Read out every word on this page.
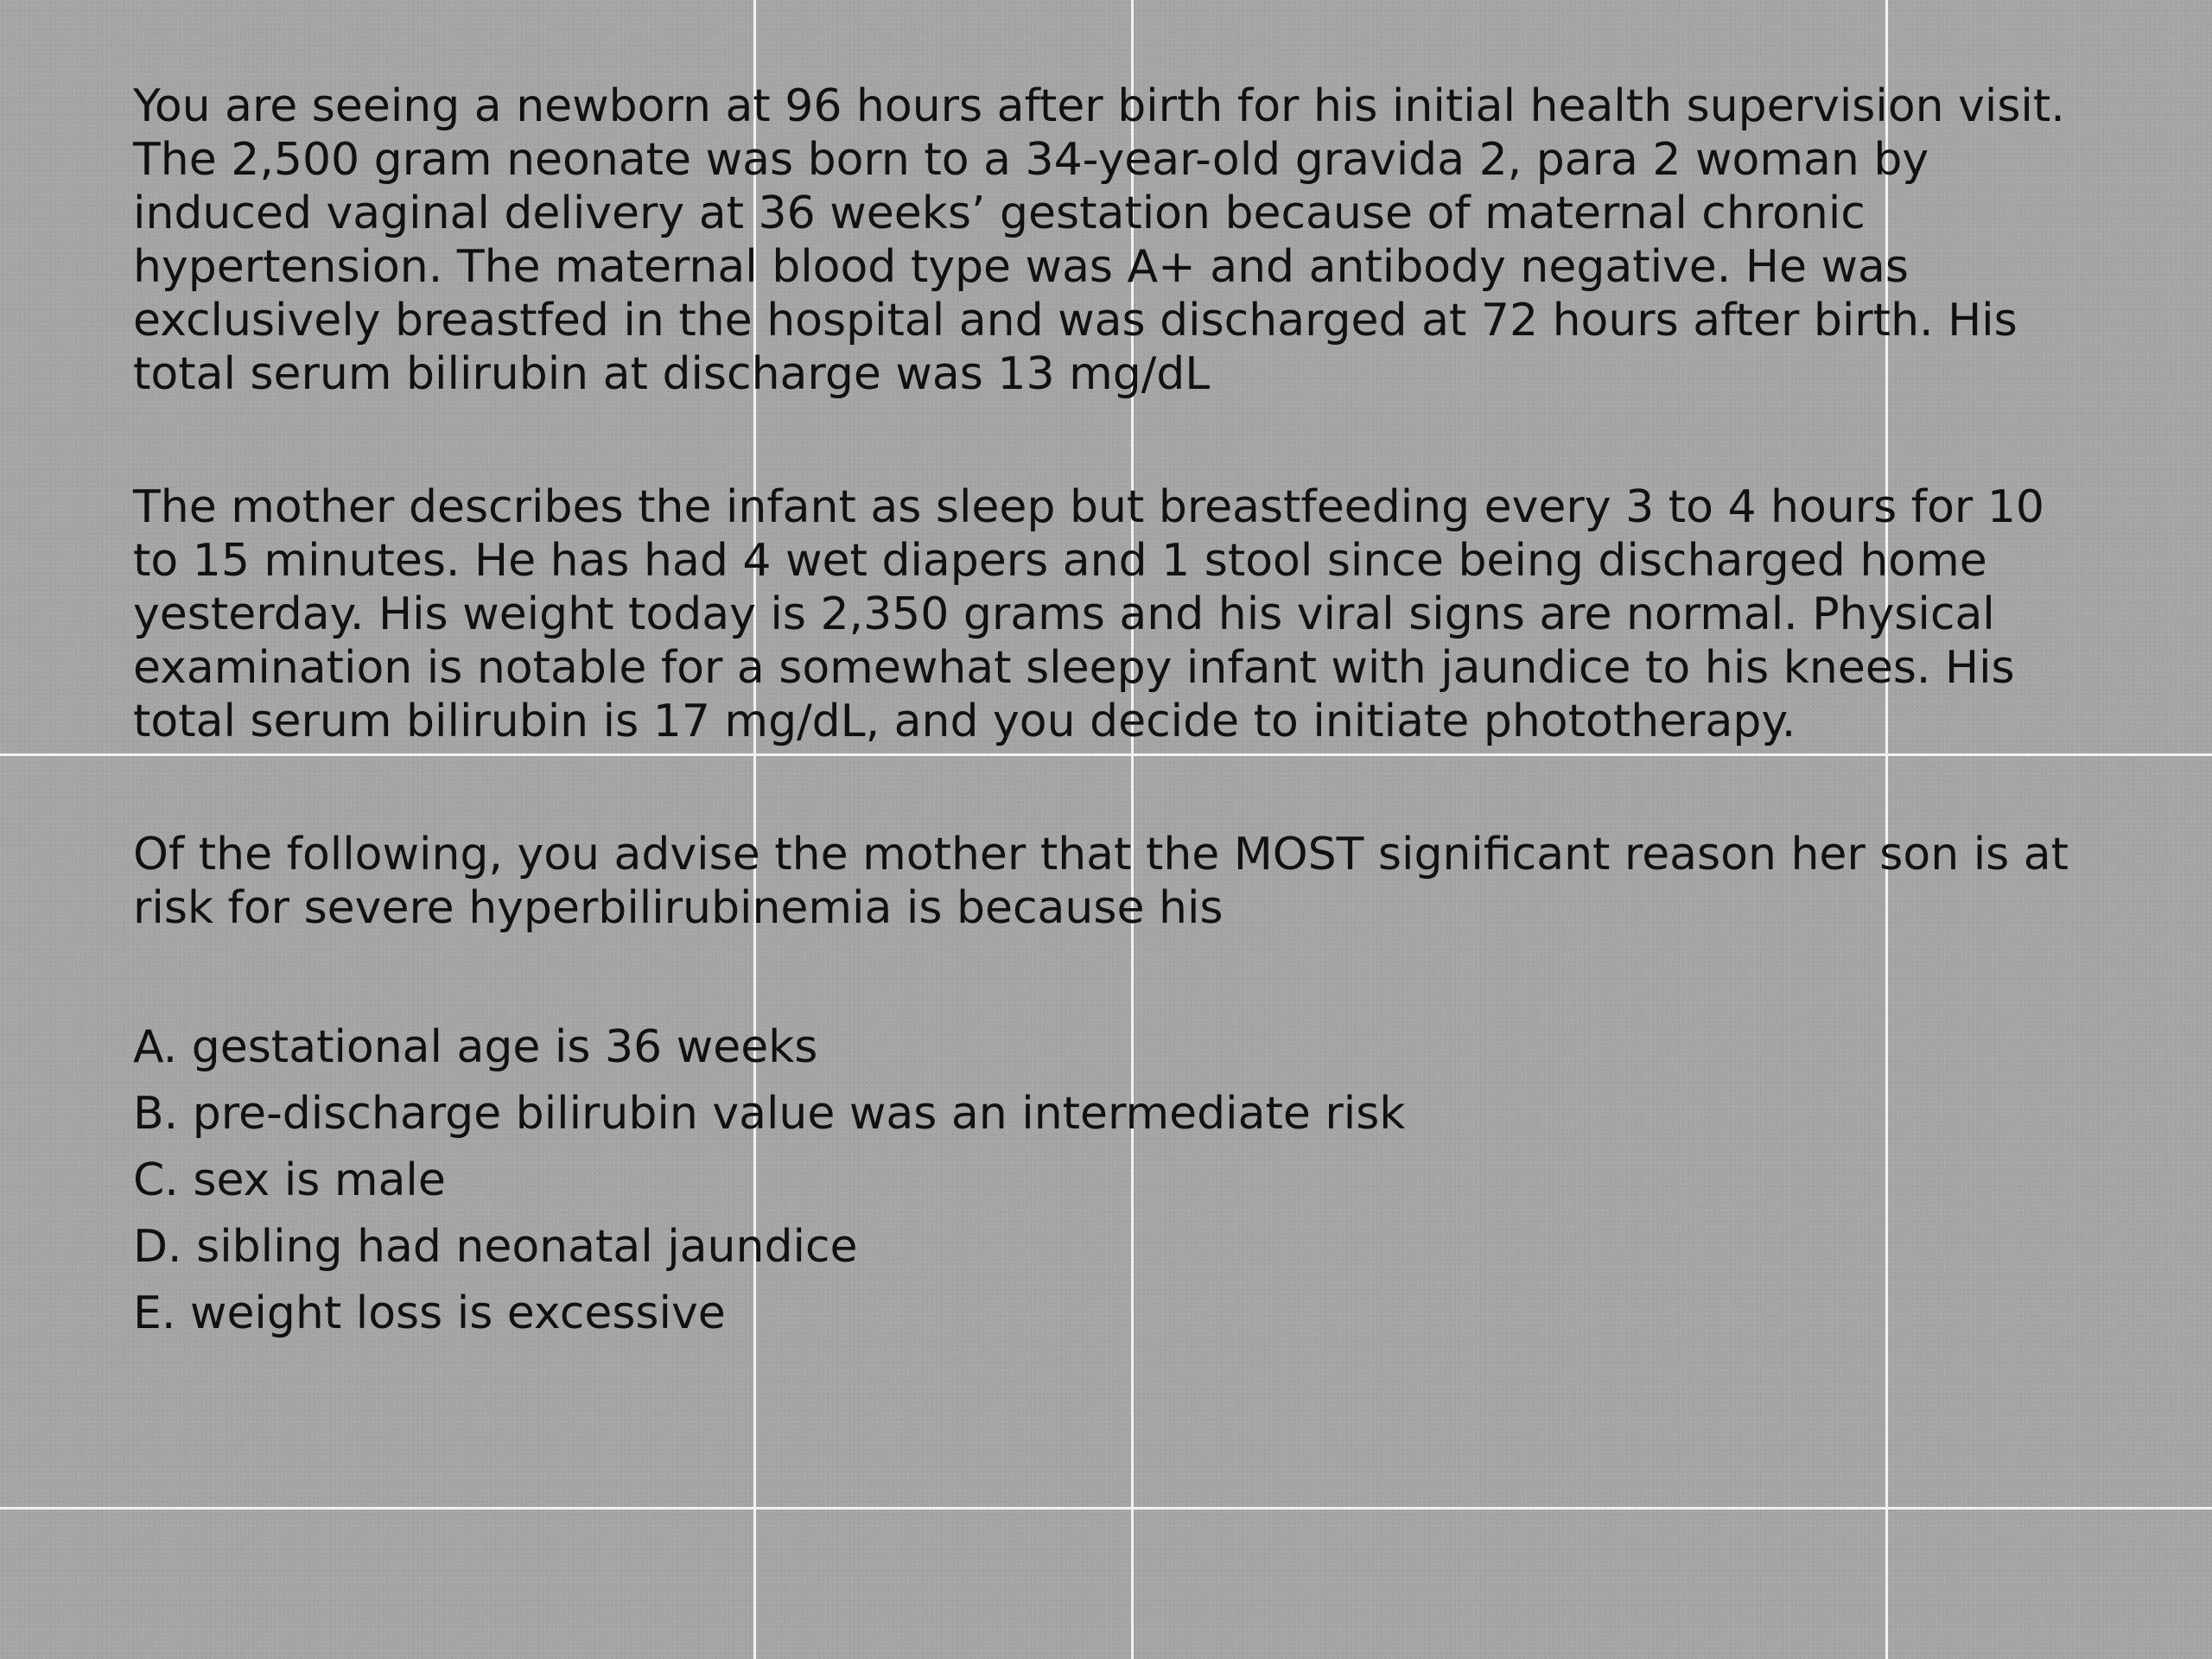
You are seeing a newborn at 96 hours after birth for his initial health supervision visit. The 2,500 gram neonate was born to a 34-year-old gravida 2, para 2 woman by induced vaginal delivery at 36 weeks’ gestation because of maternal chronic hypertension. The maternal blood type was A+ and antibody negative. He was exclusively breastfed in the hospital and was discharged at 72 hours after birth. His total serum bilirubin at discharge was 13 mg/dL

The mother describes the infant as sleep but breastfeeding every 3 to 4 hours for 10 to 15 minutes. He has had 4 wet diapers and 1 stool since being discharged home yesterday. His weight today is 2,350 grams and his viral signs are normal. Physical examination is notable for a somewhat sleepy infant with jaundice to his knees. His total serum bilirubin is 17 mg/dL, and you decide to initiate phototherapy.

Of the following, you advise the mother that the MOST significant reason her son is at risk for severe hyperbilirubinemia is because his

A. gestational age is 36 weeks
B. pre-discharge bilirubin value was an intermediate risk
C. sex is male
D. sibling had neonatal jaundice
E. weight loss is excessive
